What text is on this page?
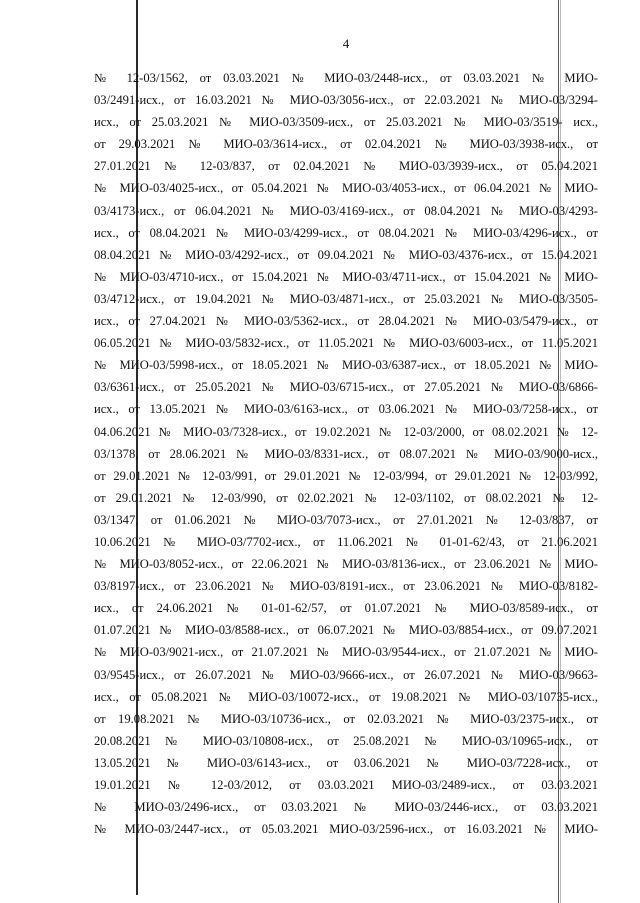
4
№ 12-03/1562, от 03.03.2021 № МИО-03/2448-исх., от 03.03.2021 № МИО-
03/2491-исх., от 16.03.2021 № МИО-03/3056-исх., от 22.03.2021 № МИО-03/3294-
исх., от 25.03.2021 № МИО-03/3509-исх., от 25.03.2021 № МИО-03/3519- исх.,
от 29.03.2021 № МИО-03/3614-исх., от 02.04.2021 № МИО-03/3938-исх., от
27.01.2021 № 12-03/837, от 02.04.2021 № МИО-03/3939-исх., от 05.04.2021
№ МИО-03/4025-исх., от 05.04.2021 № МИО-03/4053-исх., от 06.04.2021 № МИО-
03/4173-исх., от 06.04.2021 № МИО-03/4169-исх., от 08.04.2021 № МИО-03/4293-
исх., от 08.04.2021 № МИО-03/4299-исх., от 08.04.2021 № МИО-03/4296-исх., от
08.04.2021 № МИО-03/4292-исх., от 09.04.2021 № МИО-03/4376-исх., от 15.04.2021
№ МИО-03/4710-исх., от 15.04.2021 № МИО-03/4711-исх., от 15.04.2021 № МИО-
03/4712-исх., от 19.04.2021 № МИО-03/4871-исх., от 25.03.2021 № МИО-03/3505-
исх., от 27.04.2021 № МИО-03/5362-исх., от 28.04.2021 № МИО-03/5479-исх., от
06.05.2021 № МИО-03/5832-исх., от 11.05.2021 № МИО-03/6003-исх., от 11.05.2021
№ МИО-03/5998-исх., от 18.05.2021 № МИО-03/6387-исх., от 18.05.2021 № МИО-
03/6361-исх., от 25.05.2021 № МИО-03/6715-исх., от 27.05.2021 № МИО-03/6866-
исх., от 13.05.2021 № МИО-03/6163-исх., от 03.06.2021 № МИО-03/7258-исх., от
04.06.2021 № МИО-03/7328-исх., от 19.02.2021 № 12-03/2000, от 08.02.2021 № 12-
03/1378, от 28.06.2021 № МИО-03/8331-исх., от 08.07.2021 № МИО-03/9000-исх.,
от 29.01.2021 № 12-03/991, от 29.01.2021 № 12-03/994, от 29.01.2021 № 12-03/992,
от 29.01.2021 № 12-03/990, от 02.02.2021 № 12-03/1102, от 08.02.2021 № 12-
03/1347, от 01.06.2021 № МИО-03/7073-исх., от 27.01.2021 № 12-03/837, от
10.06.2021 № МИО-03/7702-исх., от 11.06.2021 № 01-01-62/43, от 21.06.2021
№ МИО-03/8052-исх., от 22.06.2021 № МИО-03/8136-исх., от 23.06.2021 № МИО-
03/8197-исх., от 23.06.2021 № МИО-03/8191-исх., от 23.06.2021 № МИО-03/8182-
исх., от 24.06.2021 № 01-01-62/57, от 01.07.2021 № МИО-03/8589-исх., от
01.07.2021 № МИО-03/8588-исх., от 06.07.2021 № МИО-03/8854-исх., от 09.07.2021
№ МИО-03/9021-исх., от 21.07.2021 № МИО-03/9544-исх., от 21.07.2021 № МИО-
03/9545-исх., от 26.07.2021 № МИО-03/9666-исх., от 26.07.2021 № МИО-03/9663-
исх., от 05.08.2021 № МИО-03/10072-исх., от 19.08.2021 № МИО-03/10735-исх.,
от 19.08.2021 № МИО-03/10736-исх., от 02.03.2021 № МИО-03/2375-исх., от
20.08.2021 № МИО-03/10808-исх., от 25.08.2021 № МИО-03/10965-исх., от
13.05.2021 № МИО-03/6143-исх., от 03.06.2021 № МИО-03/7228-исх., от
19.01.2021 № 12-03/2012, от 03.03.2021 МИО-03/2489-исх., от 03.03.2021
№ МИО-03/2496-исх., от 03.03.2021 № МИО-03/2446-исх., от 03.03.2021
№ МИО-03/2447-исх., от 05.03.2021 МИО-03/2596-исх., от 16.03.2021 № МИО-
